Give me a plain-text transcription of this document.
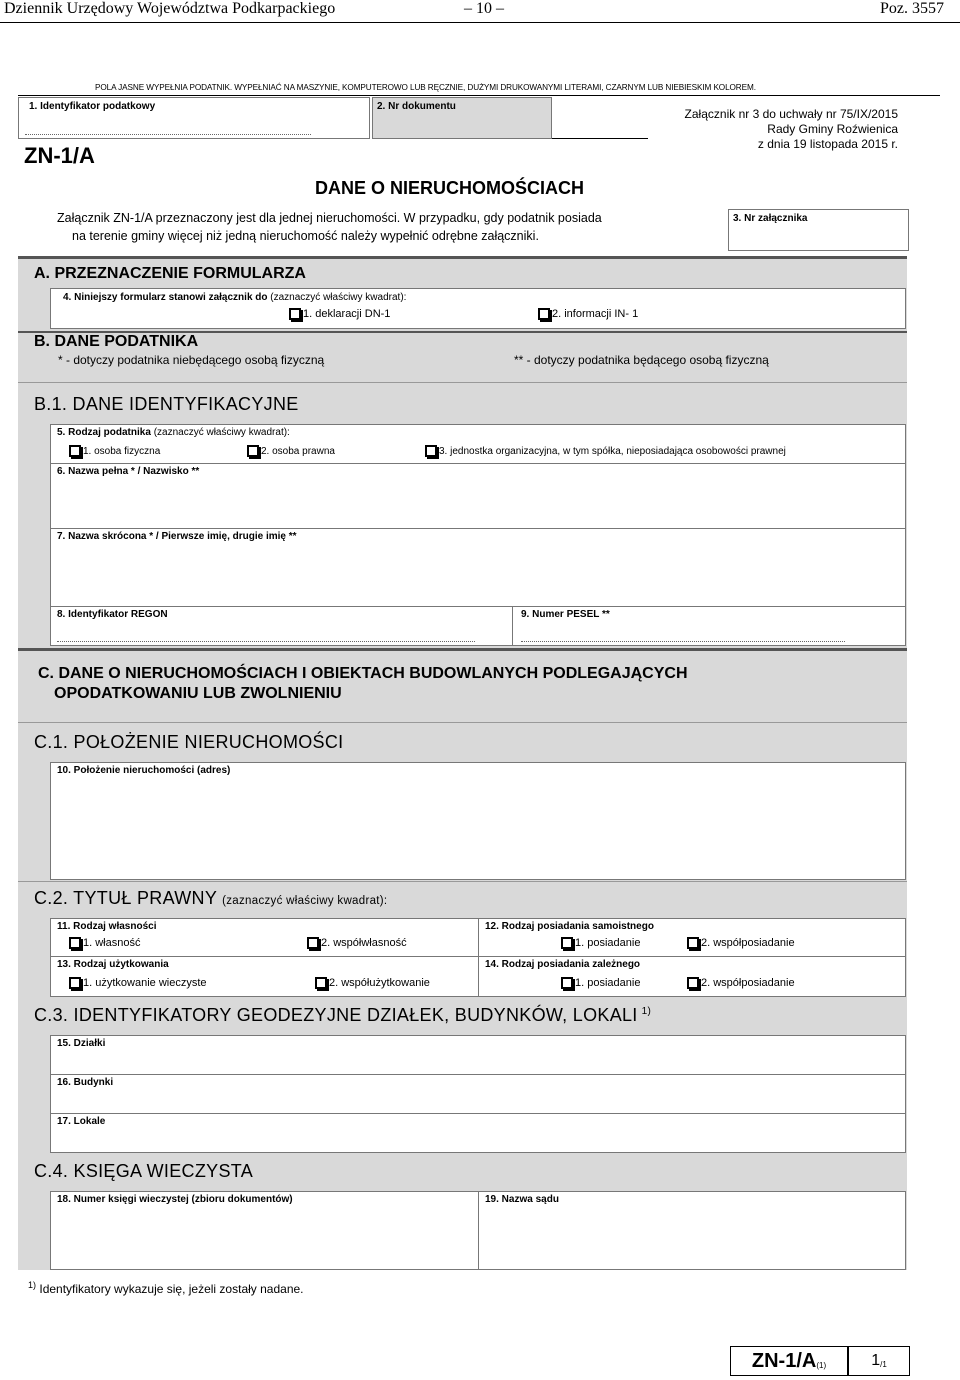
Dziennik Urzędowy Województwa Podkarpackiego	– 10 –	Poz. 3557
POLA JASNE WYPEŁNIA PODATNIK. WYPEŁNIAĆ NA MASZYNIE, KOMPUTEROWO LUB RĘCZNIE, DUŻYMI DRUKOWANYMI LITERAMI, CZARNYM LUB NIEBIESKIM KOLOREM.
1. Identyfikator podatkowy	2. Nr dokumentu
Załącznik nr 3 do uchwały nr 75/IX/2015
Rady Gminy Roźwienica
z dnia 19 listopada 2015 r.
ZN-1/A
DANE O NIERUCHOMOŚCIACH
Załącznik ZN-1/A przeznaczony jest dla jednej nieruchomości. W przypadku, gdy podatnik posiada
na terenie gminy więcej niż jedną nieruchomość należy wypełnić odrębne załączniki.
3. Nr załącznika
A. PRZEZNACZENIE FORMULARZA
4. Niniejszy formularz stanowi załącznik do (zaznaczyć właściwy kwadrat):
1. deklaracji DN-1	2. informacji IN- 1
B. DANE PODATNIKA
* - dotyczy podatnika niebędącego osobą fizyczną	** - dotyczy podatnika będącego osobą fizyczną
B.1. DANE IDENTYFIKACYJNE
5. Rodzaj podatnika (zaznaczyć właściwy kwadrat):
1. osoba fizyczna	2. osoba prawna	3. jednostka organizacyjna, w tym spółka, nieposiadająca osobowości prawnej
6. Nazwa pełna * / Nazwisko **
7. Nazwa skrócona * / Pierwsze imię, drugie imię **
8. Identyfikator REGON	9. Numer PESEL **
C. DANE O NIERUCHOMOŚCIACH I OBIEKTACH BUDOWLANYCH PODLEGAJĄCYCH
OPODATKOWANIU LUB ZWOLNIENIU
C.1. POŁOŻENIE NIERUCHOMOŚCI
10. Położenie nieruchomości (adres)
C.2. TYTUŁ PRAWNY (zaznaczyć właściwy kwadrat):
11. Rodzaj własności
1. własność	2. współwłasność
12. Rodzaj posiadania samoistnego
1. posiadanie	2. współposiadanie
13. Rodzaj użytkowania
1. użytkowanie wieczyste	2. współużytkowanie
14. Rodzaj posiadania zależnego
1. posiadanie	2. współposiadanie
C.3. IDENTYFIKATORY GEODEZYJNE DZIAŁEK, BUDYNKÓW, LOKALI $^{1)}$
15. Działki
16. Budynki
17. Lokale
C.4. KSIĘGA WIECZYSTA
18. Numer księgi wieczystej (zbioru dokumentów)	19. Nazwa sądu
$^{1)}$ Identyfikatory wykazuje się, jeżeli zostały nadane.
ZN-1/A (1)	1 /1
